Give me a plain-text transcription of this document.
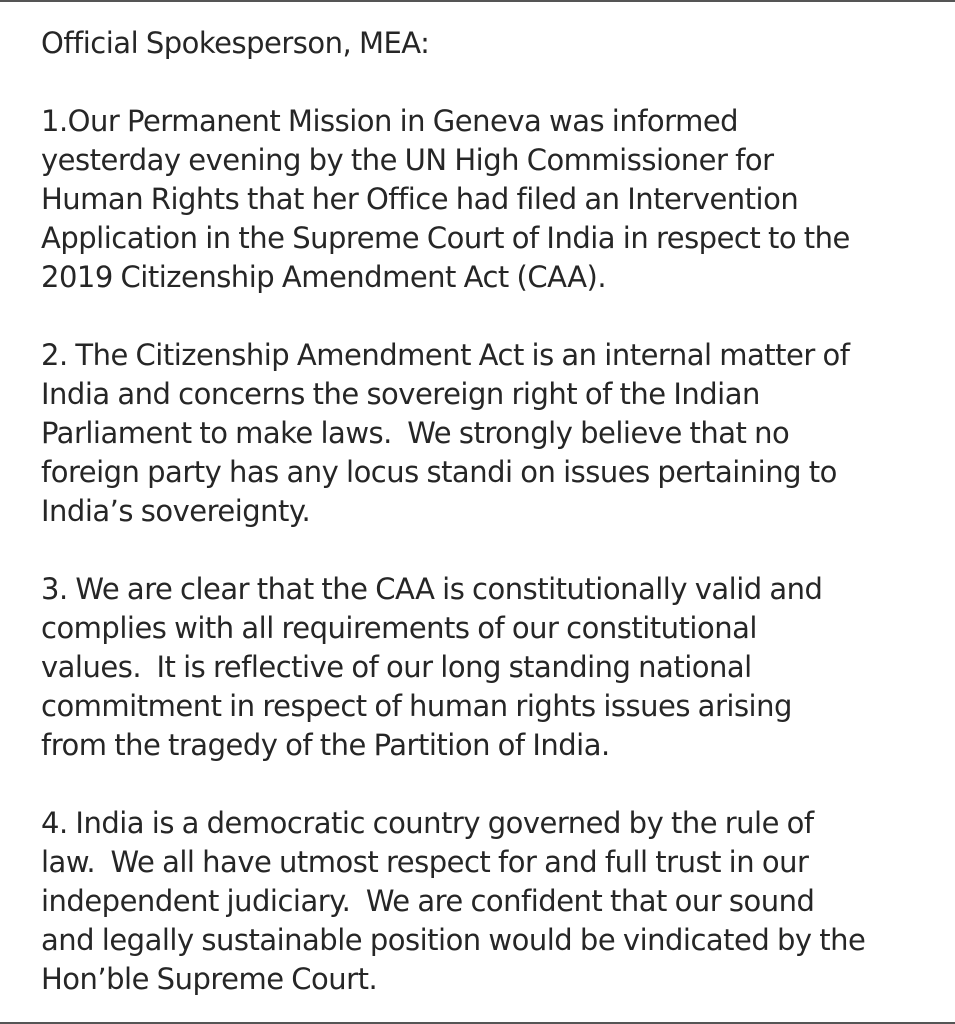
Official Spokesperson, MEA:
1.Our Permanent Mission in Geneva was informed
yesterday evening by the UN High Commissioner for
Human Rights that her Office had filed an Intervention
Application in the Supreme Court of India in respect to the
2019 Citizenship Amendment Act (CAA).
2. The Citizenship Amendment Act is an internal matter of
India and concerns the sovereign right of the Indian
Parliament to make laws.  We strongly believe that no
foreign party has any locus standi on issues pertaining to
India’s sovereignty.
3. We are clear that the CAA is constitutionally valid and
complies with all requirements of our constitutional
values.  It is reflective of our long standing national
commitment in respect of human rights issues arising
from the tragedy of the Partition of India.
4. India is a democratic country governed by the rule of
law.  We all have utmost respect for and full trust in our
independent judiciary.  We are confident that our sound
and legally sustainable position would be vindicated by the
Hon’ble Supreme Court.
